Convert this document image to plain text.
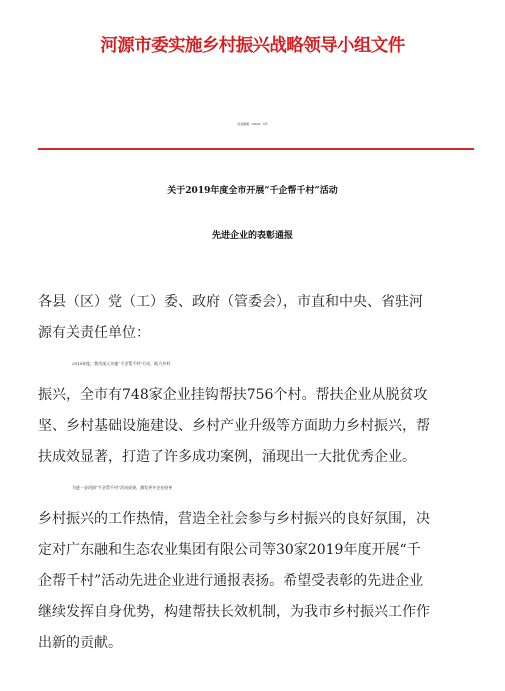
河源市委实施乡村振兴战略领导小组文件
河乡振组〔2020〕5号
关于2019年度全市开展“千企帮千村”活动
先进企业的表彰通报
各县（区）党（工）委、政府（管委会），市直和中央、省驻河
源有关责任单位：
2019年度，我市深入实施“千企帮千村”行动，助力乡村
振兴，全市有748家企业挂钩帮扶756个村。帮扶企业从脱贫攻
坚、乡村基础设施建设、乡村产业升级等方面助力乡村振兴，帮
扶成效显著，打造了许多成功案例，涌现出一大批优秀企业。
为进一步巩固“千企帮千村”活动成果，激发更多企业投身
乡村振兴的工作热情，营造全社会参与乡村振兴的良好氛围，决
定对广东融和生态农业集团有限公司等30家2019年度开展“千
企帮千村”活动先进企业进行通报表扬。希望受表彰的先进企业
继续发挥自身优势，构建帮扶长效机制，为我市乡村振兴工作作
出新的贡献。
